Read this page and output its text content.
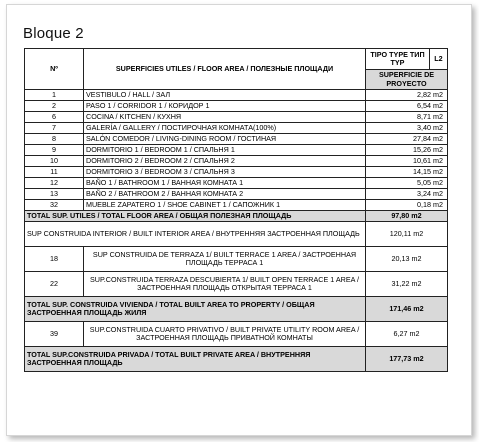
Bloque 2
Nº	SUPERFICIES UTILES / FLOOR AREA / ПОЛЕЗНЫЕ ПЛОЩАДИ	TIPO TYPE ТИП TYP	L2
		SUPERFICIE DE PROYECTO	
1	VESTIBULO / HALL / ЗАЛ	2,82 m2	
2	PASO 1 / CORRIDOR 1 / КОРИДОР 1	6,54 m2	
6	COCINA / KITCHEN / КУХНЯ	8,71 m2	
7	GALERÍA / GALLERY / ПОСТИРОЧНАЯ КОМНАТА(100%)	3,40 m2	
8	SALÓN COMEDOR / LIVING-DINING ROOM / ГОСТИНАЯ	27,84 m2	
9	DORMITORIO 1 / BEDROOM 1 / СПАЛЬНЯ 1	15,26 m2	
10	DORMITORIO 2 / BEDROOM 2 / СПАЛЬНЯ 2	10,61 m2	
11	DORMITORIO 3 / BEDROOM 3 / СПАЛЬНЯ 3	14,15 m2	
12	BAÑO 1 / BATHROOM 1 / ВАННАЯ КОМНАТА 1	5,05 m2	
13	BAÑO 2 / BATHROOM 2 / ВАННАЯ КОМНАТА 2	3,24 m2	
32	MUEBLE ZAPATERO 1 / SHOE CABINET 1 / САПОЖНИК 1	0,18 m2	
TOTAL SUP. UTILES / TOTAL FLOOR AREA / ОБЩАЯ ПОЛЕЗНАЯ ПЛОЩАДЬ		97,80 m2	
SUP CONSTRUIDA INTERIOR / BUILT INTERIOR AREA / ВНУТРЕННЯЯ ЗАСТРОЕННАЯ ПЛОЩАДЬ		120,11 m2	
18	SUP CONSTRUIDA DE TERRAZA 1/ BUILT TERRACE 1 AREA / ЗАСТРОЕННАЯ ПЛОЩАДЬ ТЕРРАСА 1	20,13 m2	
22	SUP.CONSTRUIDA TERRAZA DESCUBIERTA 1/ BUILT OPEN TERRACE 1 AREA / ЗАСТРОЕННАЯ ПЛОЩАДЬ ОТКРЫТАЯ ТЕРРАСА 1	31,22 m2	
TOTAL SUP. CONSTRUIDA VIVIENDA / TOTAL BUILT AREA TO PROPERTY / ОБЩАЯ ЗАСТРОЕННАЯ ПЛОЩАДЬ ЖИЛЯ		171,46 m2	
39	SUP.CONSTRUIDA CUARTO PRIVATIVO / BUILT PRIVATE UTILITY ROOM AREA / ЗАСТРОЕННАЯ ПЛОЩАДЬ ПРИВАТНОЙ КОМНАТЫ	6,27 m2	
TOTAL SUP.CONSTRUIDA PRIVADA / TOTAL BUILT PRIVATE AREA / ВНУТРЕННЯЯ ЗАСТРОЕННАЯ ПЛОЩАДЬ		177,73 m2	
